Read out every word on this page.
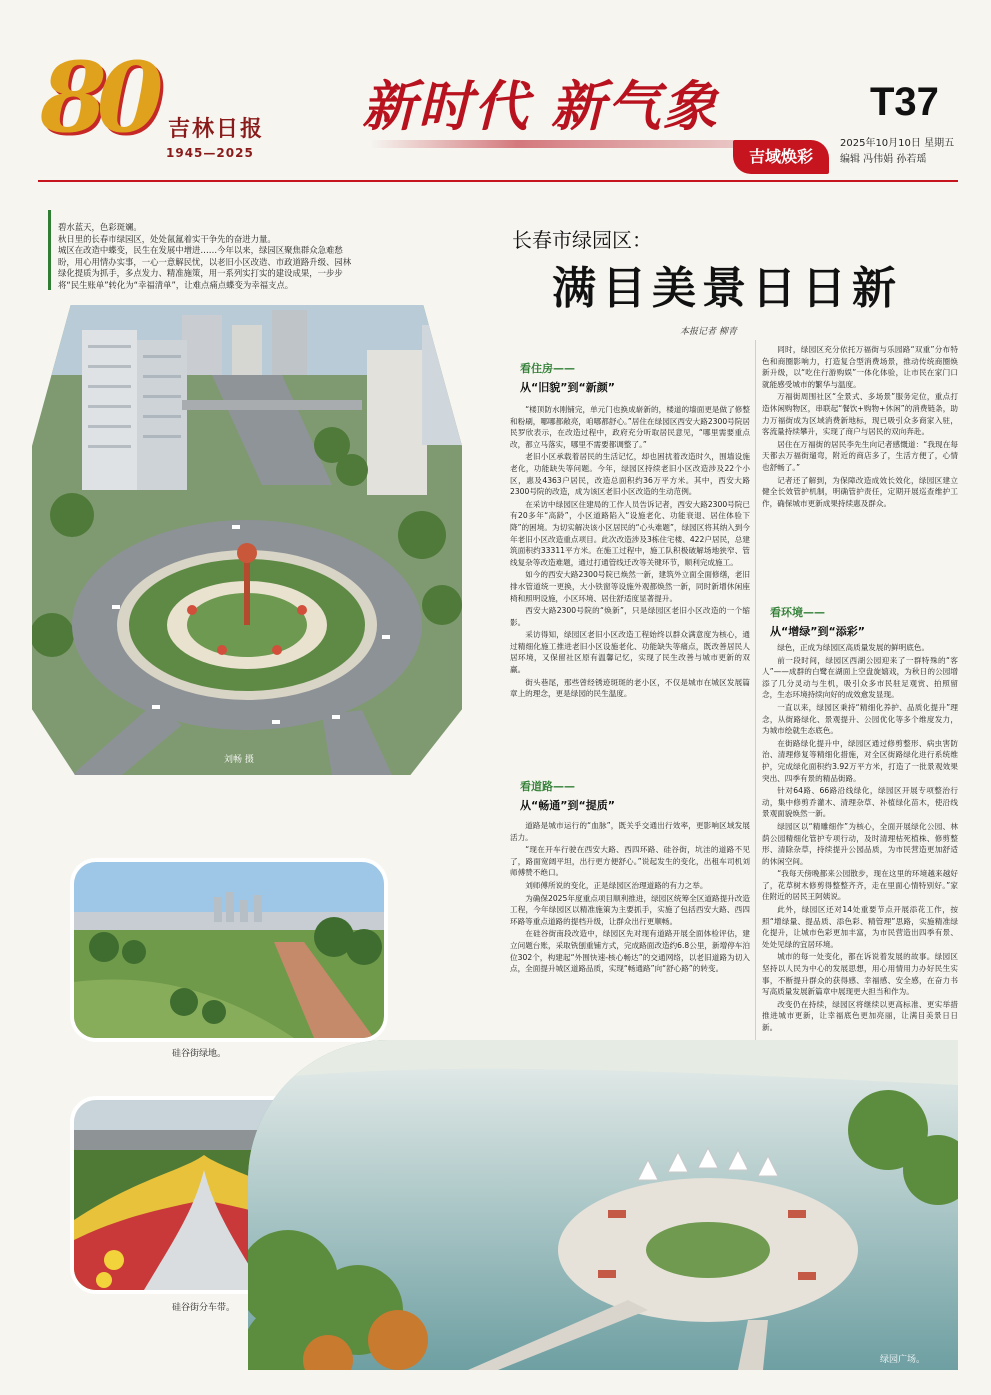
80 吉林日报
1945—2025
新时代 新气象
吉域焕彩
T37
2025年10月10日 星期五
编辑 冯伟娟 孙若瑶

碧水蓝天，色彩斑斓。

秋日里的长春市绿园区，处处氤氲着实干争先的奋进力量。

城区在改造中蝶变，民生在发展中增进……今年以来，绿园区聚焦群众急难愁盼，用心用情办实事，一心一意解民忧，以老旧小区改造、市政道路升级、园林绿化提质为抓手，多点发力、精准施策，用一系列实打实的建设成果，一步步将“民生账单”转化为“幸福清单”，让难点痛点蝶变为幸福支点。

长春市绿园区：
满目美景日日新
本报记者 柳青
刘畅 摄
硅谷街绿地。
硅谷街分车带。
绿园广场。
看住房——
从“旧貌”到“新颜”
看道路——
从“畅通”到“提质”
看环境——
从“增绿”到“添彩”

“楼顶防水刚铺完，单元门也换成崭新的，楼道的墙面更是做了修整和粉刷，哪哪都敞亮，咱哪都舒心。”居住在绿园区西安大路2300号院居民罗欣表示，在改造过程中，政府充分听取居民意见，“哪里需要重点改，都立马落实，哪里不需要都调整了。”

老旧小区承载着居民的生活记忆，却也困扰着改造时久，围墙设施老化，功能缺失等问题。今年，绿园区持续老旧小区改造涉及22个小区，惠及4363户居民，改造总面积约36万平方米。其中，西安大路2300号院的改造，成为该区老旧小区改造的生动范例。

在采访中绿园区住建局的工作人员告诉记者，西安大路2300号院已有20多年“高龄”，小区道路陷入“设施老化、功能衰退、居住体验下降”的困境。为切实解决该小区居民的“心头难题”，绿园区将其纳入到今年老旧小区改造重点项目。此次改造涉及3栋住宅楼、422户居民，总建筑面积约33311平方米。在施工过程中，施工队积极破解场地狭窄、管线复杂等改造难题，通过打通管线迁改等关键环节，顺利完成施工。

如今的西安大路2300号院已焕然一新，建筑外立面全面修缮，老旧排水管道统一更换，大小铁窗等设施外观都焕然一新，同时新增休闲座椅和照明设施，小区环境、居住舒适度显著提升。

西安大路2300号院的“焕新”，只是绿园区老旧小区改造的一个缩影。

采访得知，绿园区老旧小区改造工程始终以群众满意度为核心，通过精细化施工推进老旧小区设施老化、功能缺失等痛点，既改善居民人居环境，又保留社区原有温馨记忆，实现了民生改善与城市更新的双赢。

街头巷尾，那些曾经锈迹斑斑的老小区，不仅是城市在城区发展篇章上的理念，更是绿园的民生温度。

道路是城市运行的“血脉”，既关乎交通出行效率，更影响区域发展活力。

“现在开车行驶在西安大路、西四环路、硅谷街，坑洼的道路不见了，路面宽阔平坦，出行更方便舒心。”说起发生的变化，出租车司机刘师傅赞不绝口。

刘师傅所说的变化，正是绿园区治理道路的有力之举。

为确保2025年度重点项目顺利推进，绿园区统筹全区道路提升改造工程，今年绿园区以精准施策为主要抓手，实施了包括西安大路、西四环路等重点道路的提档升级，让群众出行更顺畅。

在硅谷街南段改造中，绿园区先对现有道路开展全面体检评估，建立问题台账，采取铣刨重铺方式，完成路面改造约6.8公里，新增停车泊位302个，构建起“外围快速-核心畅达”的交通网络，以老旧道路为切入点，全面提升城区道路品质，实现“畅通路”向“舒心路”的转变。

同时，绿园区充分依托万福街与乐园路“双重”分布特色和商圈影响力，打造复合型消费场景，推动传统商圈焕新升级，以“吃住行游购娱”一体化体验，让市民在家门口就能感受城市的繁华与温度。

万福街周围社区“全景式、多场景”服务定位，重点打造休闲购物区，串联起“餐饮+购物+休闲”的消费链条，助力万福街成为区域消费新地标，现已吸引众多商家入驻，客流量持续攀升，实现了商户与居民的双向奔赴。

居住在万福街的居民李先生向记者感慨道：“我现在每天都去万福街遛弯，附近的商店多了，生活方便了，心情也舒畅了。”

记者还了解到，为保障改造成效长效化，绿园区建立健全长效管护机制，明确管护责任，定期开展巡查维护工作，确保城市更新成果持续惠及群众。

绿色，正成为绿园区高质量发展的鲜明底色。

前一段时间，绿园区西湖公园迎来了一群特殊的“客人”——成群的白鹭在湖面上空盘旋嬉戏，为秋日的公园增添了几分灵动与生机，吸引众多市民驻足观赏、拍照留念，生态环境持续向好的成效愈发显现。

一直以来，绿园区秉持“精细化养护、品质化提升”理念，从街路绿化、景观提升、公园优化等多个维度发力，为城市绘就生态底色。

在街路绿化提升中，绿园区通过修剪整形、病虫害防治、清理修复等精细化措施，对全区街路绿化进行系统维护，完成绿化面积约3.92万平方米，打造了一批景观效果突出、四季有景的精品街路。

针对64路、66路沿线绿化，绿园区开展专项整治行动，集中修剪乔灌木、清理杂草、补植绿化苗木，使沿线景观面貌焕然一新。

绿园区以“精雕细作”为核心，全面开展绿化公园、林荫公园精细化管护专项行动，及时清理枯死植株、修剪整形、清除杂草，持续提升公园品质，为市民营造更加舒适的休闲空间。

“我每天傍晚都来公园散步，现在这里的环境越来越好了，花草树木修剪得整整齐齐，走在里面心情特别好。”家住附近的居民王阿姨说。

此外，绿园区还对14处重要节点开展添花工作，按照“增绿量、提品质、添色彩、精管理”思路，实施精准绿化提升，让城市色彩更加丰富，为市民营造出四季有景、处处见绿的宜居环境。

城市的每一处变化，都在诉说着发展的故事。绿园区坚持以人民为中心的发展思想，用心用情用力办好民生实事，不断提升群众的获得感、幸福感、安全感，在奋力书写高质量发展新篇章中展现更大担当和作为。

改变仍在持续，绿园区将继续以更高标准、更实举措推进城市更新，让幸福底色更加亮丽，让满目美景日日新。
